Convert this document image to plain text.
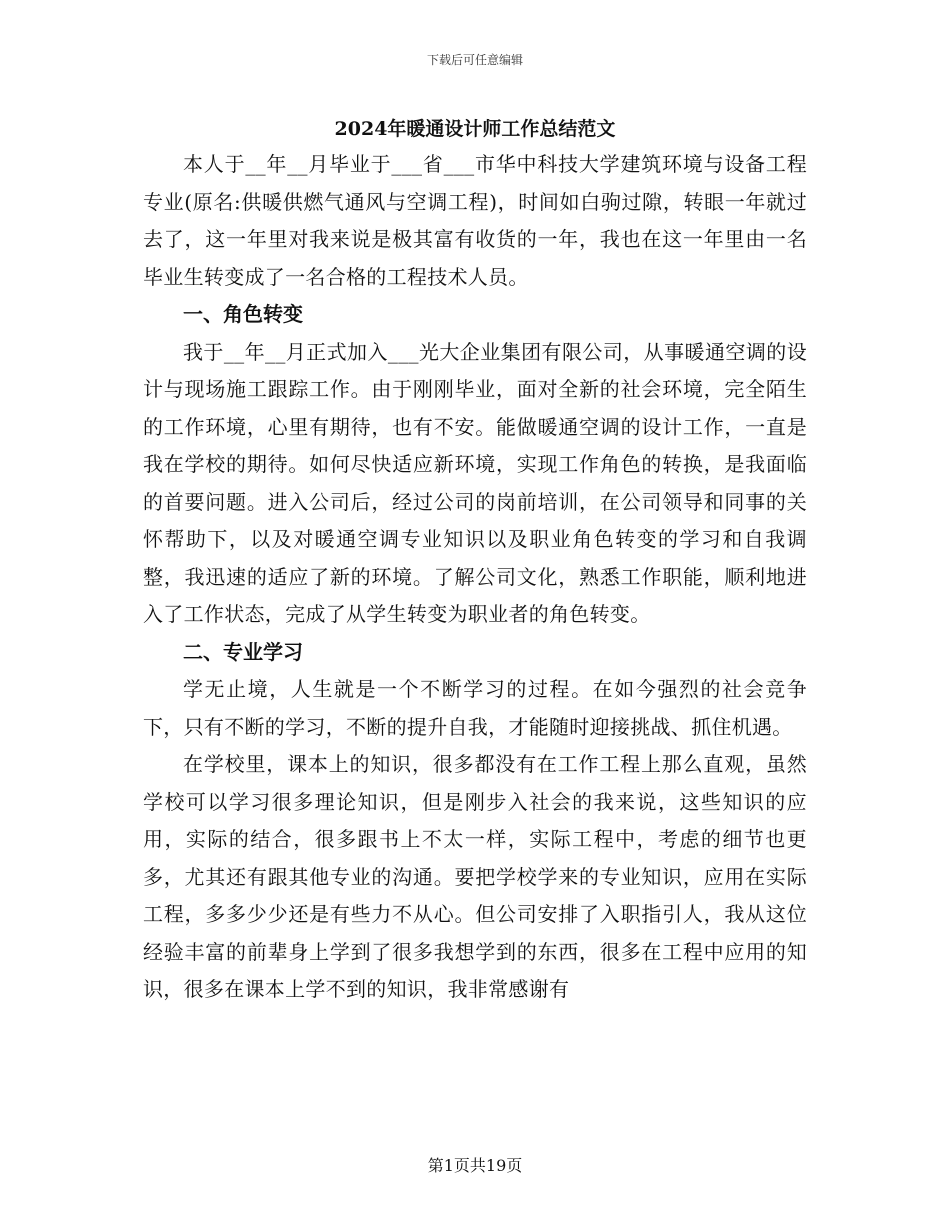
下载后可任意编辑
2024年暖通设计师工作总结范文

本人于__年__月毕业于___省___市华中科技大学建筑环境与设备工程专业(原名:供暖供燃气通风与空调工程)，时间如白驹过隙，转眼一年就过去了，这一年里对我来说是极其富有收货的一年，我也在这一年里由一名毕业生转变成了一名合格的工程技术人员。

一、角色转变

我于__年__月正式加入___光大企业集团有限公司，从事暖通空调的设计与现场施工跟踪工作。由于刚刚毕业，面对全新的社会环境，完全陌生的工作环境，心里有期待，也有不安。能做暖通空调的设计工作，一直是我在学校的期待。如何尽快适应新环境，实现工作角色的转换，是我面临的首要问题。进入公司后，经过公司的岗前培训，在公司领导和同事的关怀帮助下，以及对暖通空调专业知识以及职业角色转变的学习和自我调整，我迅速的适应了新的环境。了解公司文化，熟悉工作职能，顺利地进入了工作状态，完成了从学生转变为职业者的角色转变。

二、专业学习

学无止境，人生就是一个不断学习的过程。在如今强烈的社会竞争下，只有不断的学习，不断的提升自我，才能随时迎接挑战、抓住机遇。

在学校里，课本上的知识，很多都没有在工作工程上那么直观，虽然学校可以学习很多理论知识，但是刚步入社会的我来说，这些知识的应用，实际的结合，很多跟书上不太一样，实际工程中，考虑的细节也更多，尤其还有跟其他专业的沟通。要把学校学来的专业知识，应用在实际工程，多多少少还是有些力不从心。但公司安排了入职指引人，我从这位经验丰富的前辈身上学到了很多我想学到的东西，很多在工程中应用的知识，很多在课本上学不到的知识，我非常感谢有

第1页共19页
